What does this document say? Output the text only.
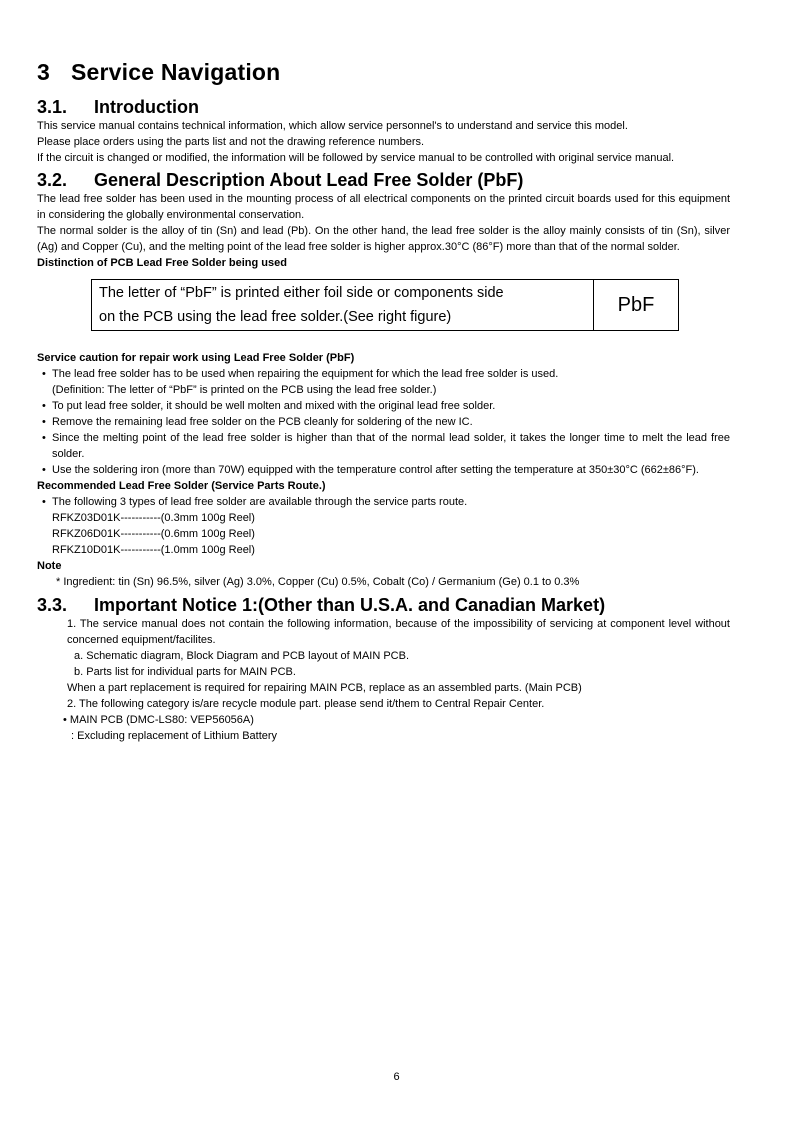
3 Service Navigation
3.1. Introduction

This service manual contains technical information, which allow service personnel's to understand and service this model.

Please place orders using the parts list and not the drawing reference numbers.

If the circuit is changed or modified, the information will be followed by service manual to be controlled with original service manual.

3.2. General Description About Lead Free Solder (PbF)

The lead free solder has been used in the mounting process of all electrical components on the printed circuit boards used for this equipment in considering the globally environmental conservation.

The normal solder is the alloy of tin (Sn) and lead (Pb). On the other hand, the lead free solder is the alloy mainly consists of tin (Sn), silver (Ag) and Copper (Cu), and the melting point of the lead free solder is higher approx.30°C (86°F) more than that of the normal solder.

Distinction of PCB Lead Free Solder being used

The letter of “PbF” is printed either foil side or components side
on the PCB using the lead free solder.(See right figure)
	PbF

Service caution for repair work using Lead Free Solder (PbF)

• The lead free solder has to be used when repairing the equipment for which the lead free solder is used.

(Definition: The letter of “PbF” is printed on the PCB using the lead free solder.)

• To put lead free solder, it should be well molten and mixed with the original lead free solder.

• Remove the remaining lead free solder on the PCB cleanly for soldering of the new IC.

• Since the melting point of the lead free solder is higher than that of the normal lead solder, it takes the longer time to melt the lead free solder.

• Use the soldering iron (more than 70W) equipped with the temperature control after setting the temperature at 350±30°C (662±86°F).

Recommended Lead Free Solder (Service Parts Route.)

• The following 3 types of lead free solder are available through the service parts route.

RFKZ03D01K-----------(0.3mm 100g Reel)

RFKZ06D01K-----------(0.6mm 100g Reel)

RFKZ10D01K-----------(1.0mm 100g Reel)

Note

* Ingredient: tin (Sn) 96.5%, silver (Ag) 3.0%, Copper (Cu) 0.5%, Cobalt (Co) / Germanium (Ge) 0.1 to 0.3%

3.3. Important Notice 1:(Other than U.S.A. and Canadian Market)

1. The service manual does not contain the following information, because of the impossibility of servicing at component level without concerned equipment/facilites.

a. Schematic diagram, Block Diagram and PCB layout of MAIN PCB.

b. Parts list for individual parts for MAIN PCB.

When a part replacement is required for repairing MAIN PCB, replace as an assembled parts. (Main PCB)

2. The following category is/are recycle module part. please send it/them to Central Repair Center.

• MAIN PCB (DMC-LS80: VEP56056A)

: Excluding replacement of Lithium Battery

6
